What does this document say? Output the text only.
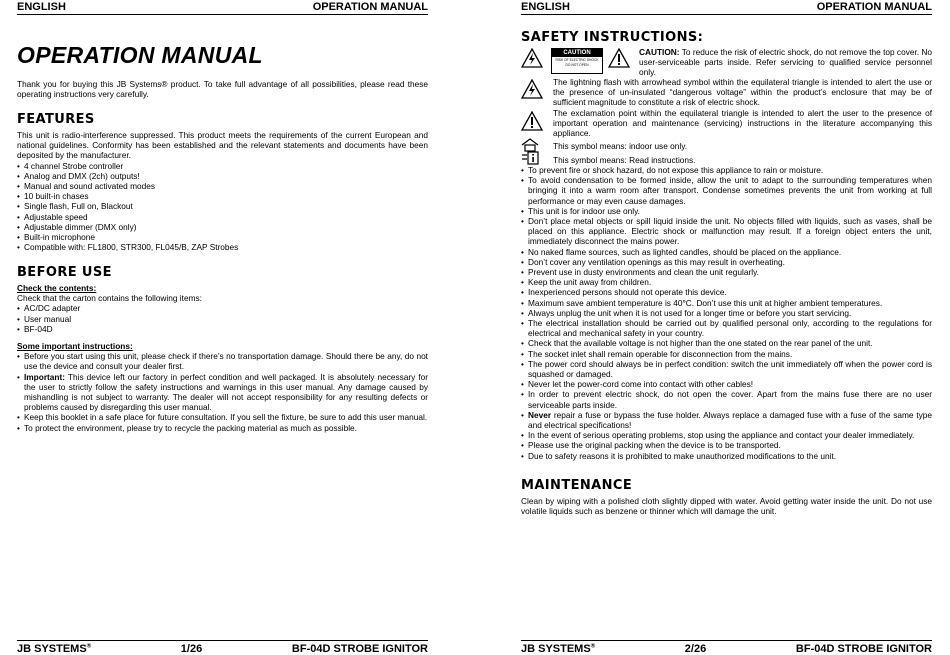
ENGLISH	OPERATION MANUAL
OPERATION MANUAL

Thank you for buying this JB Systems® product. To take full advantage of all possibilities, please read these operating instructions very carefully.

FEATURES

This unit is radio-interference suppressed. This product meets the requirements of the current European and national guidelines. Conformity has been established and the relevant statements and documents have been deposited by the manufacturer.

• 4 channel Strobe controller
• Analog and DMX (2ch) outputs!
• Manual and sound activated modes
• 10 built-in chases
• Single flash, Full on, Blackout
• Adjustable speed
• Adjustable dimmer (DMX only)
• Built-in microphone
• Compatible with: FL1800, STR300, FL045/B, ZAP Strobes
BEFORE USE
Check the contents:

Check that the carton contains the following items:

• AC/DC adapter
• User manual
• BF-04D
Some important instructions:
• Before you start using this unit, please check if there’s no transportation damage. Should there be any, do not use the device and consult your dealer first.
• Important: This device left our factory in perfect condition and well packaged. It is absolutely necessary for the user to strictly follow the safety instructions and warnings in this user manual. Any damage caused by mishandling is not subject to warranty. The dealer will not accept responsibility for any resulting defects or problems caused by disregarding this user manual.
• Keep this booklet in a safe place for future consultation. If you sell the fixture, be sure to add this user manual.
• To protect the environment, please try to recycle the packing material as much as possible.
JB SYSTEMS®	1/26	BF-04D STROBE IGNITOR
ENGLISH	OPERATION MANUAL
SAFETY INSTRUCTIONS:
CAUTION
RISK OF ELECTRIC SHOCK DO NOT OPEN

CAUTION: To reduce the risk of electric shock, do not remove the top cover. No user-serviceable parts inside. Refer servicing to qualified service personnel only.

The lightning flash with arrowhead symbol within the equilateral triangle is intended to alert the use or the presence of un-insulated “dangerous voltage” within the product’s enclosure that may be of sufficient magnitude to constitute a risk of electric shock.

The exclamation point within the equilateral triangle is intended to alert the user to the presence of important operation and maintenance (servicing) instructions in the literature accompanying this appliance.

This symbol means: indoor use only.

This symbol means: Read instructions.

• To prevent fire or shock hazard, do not expose this appliance to rain or moisture.
• To avoid condensation to be formed inside, allow the unit to adapt to the surrounding temperatures when bringing it into a warm room after transport. Condense sometimes prevents the unit from working at full performance or may even cause damages.
• This unit is for indoor use only.
• Don’t place metal objects or spill liquid inside the unit. No objects filled with liquids, such as vases, shall be placed on this appliance. Electric shock or malfunction may result. If a foreign object enters the unit, immediately disconnect the mains power.
• No naked flame sources, such as lighted candles, should be placed on the appliance.
• Don’t cover any ventilation openings as this may result in overheating.
• Prevent use in dusty environments and clean the unit regularly.
• Keep the unit away from children.
• Inexperienced persons should not operate this device.
• Maximum save ambient temperature is 40°C. Don’t use this unit at higher ambient temperatures.
• Always unplug the unit when it is not used for a longer time or before you start servicing.
• The electrical installation should be carried out by qualified personal only, according to the regulations for electrical and mechanical safety in your country.
• Check that the available voltage is not higher than the one stated on the rear panel of the unit.
• The socket inlet shall remain operable for disconnection from the mains.
• The power cord should always be in perfect condition: switch the unit immediately off when the power cord is squashed or damaged.
• Never let the power-cord come into contact with other cables!
• In order to prevent electric shock, do not open the cover. Apart from the mains fuse there are no user serviceable parts inside.
• Never repair a fuse or bypass the fuse holder. Always replace a damaged fuse with a fuse of the same type and electrical specifications!
• In the event of serious operating problems, stop using the appliance and contact your dealer immediately.
• Please use the original packing when the device is to be transported.
• Due to safety reasons it is prohibited to make unauthorized modifications to the unit.
MAINTENANCE

Clean by wiping with a polished cloth slightly dipped with water. Avoid getting water inside the unit. Do not use volatile liquids such as benzene or thinner which will damage the unit.

JB SYSTEMS®	2/26	BF-04D STROBE IGNITOR
